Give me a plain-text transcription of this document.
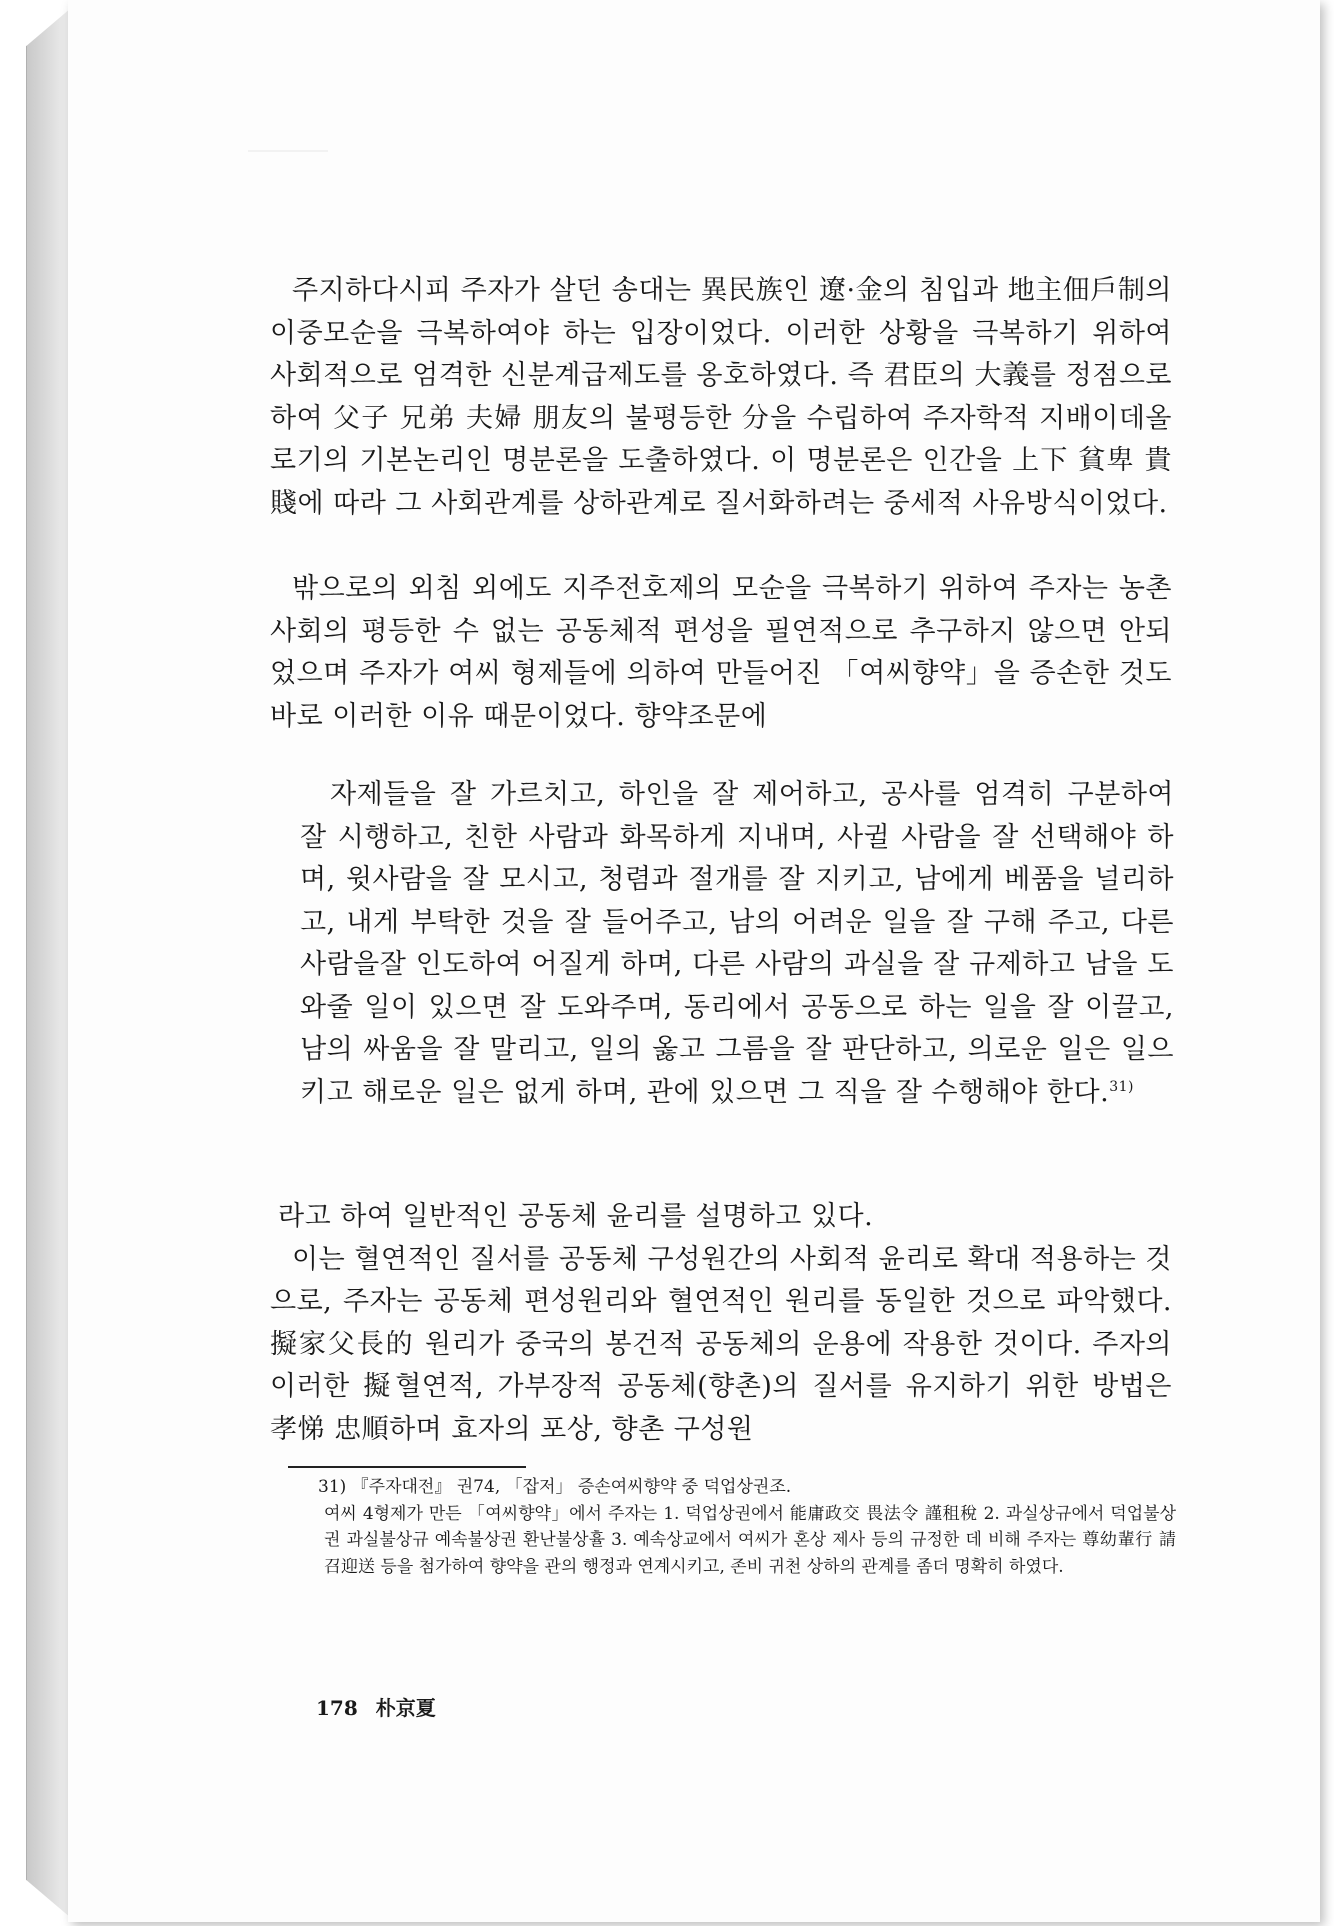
주지하다시피 주자가 살던 송대는 異民族인 遼·金의 침입과 地主佃戶制의 이중모순을 극복하여야 하는 입장이었다. 이러한 상황을 극복하기 위하여 사회적으로 엄격한 신분계급제도를 옹호하였다. 즉 君臣의 大義를 정점으로 하여 父子 兄弟 夫婦 朋友의 불평등한 分을 수립하여 주자학적 지배이데올로기의 기본논리인 명분론을 도출하였다. 이 명분론은 인간을 上下 貧卑 貴賤에 따라 그 사회관계를 상하관계로 질서화하려는 중세적 사유방식이었다.

밖으로의 외침 외에도 지주전호제의 모순을 극복하기 위하여 주자는 농촌사회의 평등한 수 없는 공동체적 편성을 필연적으로 추구하지 않으면 안되었으며 주자가 여씨 형제들에 의하여 만들어진 「여씨향약」을 증손한 것도 바로 이러한 이유 때문이었다. 향약조문에

자제들을 잘 가르치고, 하인을 잘 제어하고, 공사를 엄격히 구분하여 잘 시행하고, 친한 사람과 화목하게 지내며, 사귈 사람을 잘 선택해야 하며, 윗사람을 잘 모시고, 청렴과 절개를 잘 지키고, 남에게 베품을 널리하고, 내게 부탁한 것을 잘 들어주고, 남의 어려운 일을 잘 구해 주고, 다른 사람을잘 인도하여 어질게 하며, 다른 사람의 과실을 잘 규제하고 남을 도와줄 일이 있으면 잘 도와주며, 동리에서 공동으로 하는 일을 잘 이끌고, 남의 싸움을 잘 말리고, 일의 옳고 그름을 잘 판단하고, 의로운 일은 일으키고 해로운 일은 없게 하며, 관에 있으면 그 직을 잘 수행해야 한다.$^{31)}$

라고 하여 일반적인 공동체 윤리를 설명하고 있다.

이는 혈연적인 질서를 공동체 구성원간의 사회적 윤리로 확대 적용하는 것으로, 주자는 공동체 편성원리와 혈연적인 원리를 동일한 것으로 파악했다. 擬家父長的 원리가 중국의 봉건적 공동체의 운용에 작용한 것이다. 주자의 이러한 擬혈연적, 가부장적 공동체(향촌)의 질서를 유지하기 위한 방법은 孝悌 忠順하며 효자의 포상, 향촌 구성원

31) 『주자대전』 권74, 「잡저」 증손여씨향약 중 덕업상권조.

여씨 4형제가 만든 「여씨향약」에서 주자는 1. 덕업상권에서 能庸政交 畏法令 謹租稅 2. 과실상규에서 덕업불상권 과실불상규 예속불상권 환난불상휼 3. 예속상교에서 여씨가 혼상 제사 등의 규정한 데 비해 주자는 尊幼輩行 請召迎送 등을 첨가하여 향약을 관의 행정과 연계시키고, 존비 귀천 상하의 관계를 좀더 명확히 하였다.

178 朴京夏
